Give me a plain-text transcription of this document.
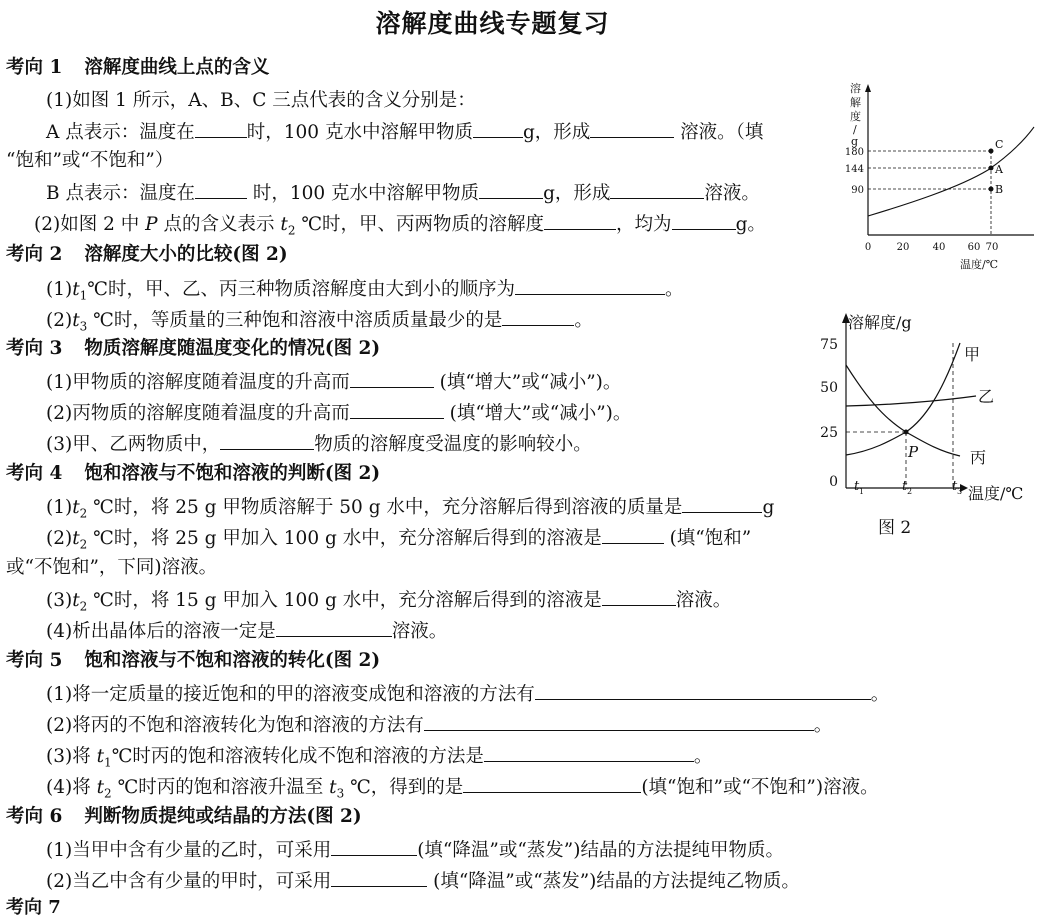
溶解度曲线专题复习
考向 1 溶解度曲线上点的含义
(1)如图 1 所示，A、B、C 三点代表的含义分别是：
A 点表示：温度在	时，100 克水中溶解甲物质	g，形成	溶液。（填
“饱和”或“不饱和”）
B 点表示：温度在	时，100 克水中溶解甲物质	g，形成	溶液。
(2)如图 2 中 P 点的含义表示 $t_2$ ℃时，甲、丙两物质的溶解度	，均为	g。
考向 2 溶解度大小的比较(图 2)
$(1)t_1℃$时，甲、乙、丙三种物质溶解度由大到小的顺序为	。
$(2)t_3$ ℃时，等质量的三种饱和溶液中溶质质量最少的是	。
考向 3 物质溶解度随温度变化的情况(图 2)
(1)甲物质的溶解度随着温度的升高而	(填“增大”或“减小”)。
(2)丙物质的溶解度随着温度的升高而	(填“增大”或“减小”)。
(3)甲、乙两物质中，	物质的溶解度受温度的影响较小。
考向 4 饱和溶液与不饱和溶液的判断(图 2)
$(1)t_2$ ℃时，将 25 g 甲物质溶解于 50 g 水中，充分溶解后得到溶液的质量是	g
$(2)t_2$ ℃时，将 25 g 甲加入 100 g 水中，充分溶解后得到的溶液是	(填“饱和”
或“不饱和”，下同)溶液。
$(3)t_2$ ℃时，将 15 g 甲加入 100 g 水中，充分溶解后得到的溶液是	溶液。
(4)析出晶体后的溶液一定是	溶液。
考向 5 饱和溶液与不饱和溶液的转化(图 2)
(1)将一定质量的接近饱和的甲的溶液变成饱和溶液的方法有	。
(2)将丙的不饱和溶液转化为饱和溶液的方法有	。
(3)将 $t_1℃$时丙的饱和溶液转化成不饱和溶液的方法是	。
(4)将 $t_2$ ℃时丙的饱和溶液升温至 $t_3$ ℃，得到的是	(填“饱和”或“不饱和”)溶液。
考向 6 判断物质提纯或结晶的方法(图 2)
(1)当甲中含有少量的乙时，可采用	(填“降温”或“蒸发”)结晶的方法提纯甲物质。
(2)当乙中含有少量的甲时，可采用	(填“降温”或“蒸发”)结晶的方法提纯乙物质。
考向 7
溶
解
度
/
g
180
144
90
0	20 40 60 70
温度/℃
C
A
B
溶解度/g
75
50
25
0
P
甲
乙
丙
t 1	t 2	t 3 温度/℃
图 2
